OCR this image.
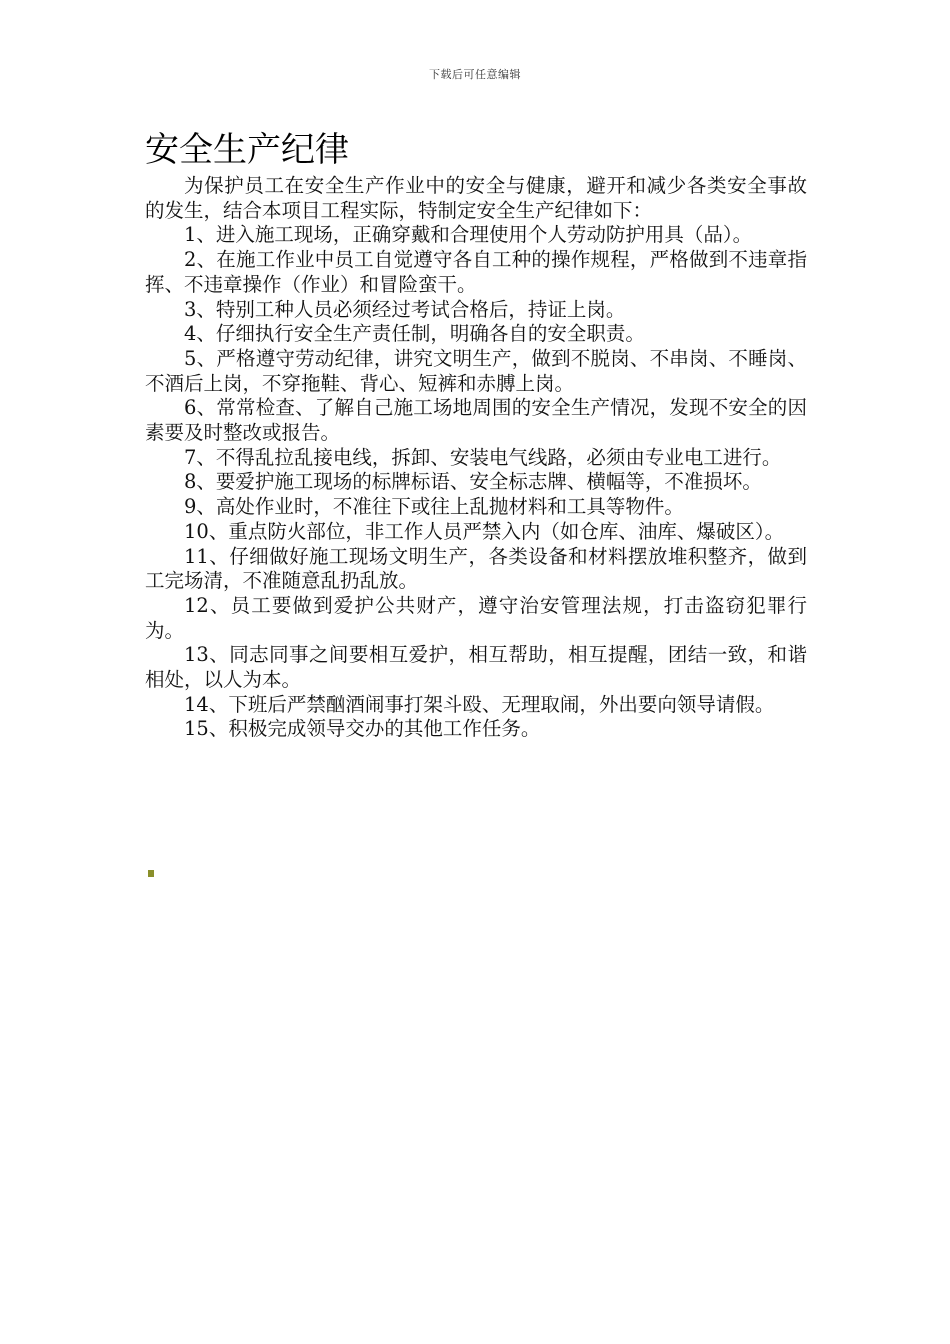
下载后可任意编辑
安全生产纪律

为保护员工在安全生产作业中的安全与健康，避开和减少各类安全事故的发生，结合本项目工程实际，特制定安全生产纪律如下：

1、进入施工现场，正确穿戴和合理使用个人劳动防护用具（品）。

2、在施工作业中员工自觉遵守各自工种的操作规程，严格做到不违章指挥、不违章操作（作业）和冒险蛮干。

3、特别工种人员必须经过考试合格后，持证上岗。

4、仔细执行安全生产责任制，明确各自的安全职责。

5、严格遵守劳动纪律，讲究文明生产，做到不脱岗、不串岗、不睡岗、不酒后上岗，不穿拖鞋、背心、短裤和赤膊上岗。

6、常常检查、了解自己施工场地周围的安全生产情况，发现不安全的因素要及时整改或报告。

7、不得乱拉乱接电线，拆卸、安装电气线路，必须由专业电工进行。

8、要爱护施工现场的标牌标语、安全标志牌、横幅等，不准损坏。

9、高处作业时，不准往下或往上乱抛材料和工具等物件。

10、重点防火部位，非工作人员严禁入内（如仓库、油库、爆破区）。

11、仔细做好施工现场文明生产，各类设备和材料摆放堆积整齐，做到工完场清，不准随意乱扔乱放。

12、员工要做到爱护公共财产，遵守治安管理法规，打击盗窃犯罪行为。

13、同志同事之间要相互爱护，相互帮助，相互提醒，团结一致，和谐相处，以人为本。

14、下班后严禁酗酒闹事打架斗殴、无理取闹，外出要向领导请假。

15、积极完成领导交办的其他工作任务。
